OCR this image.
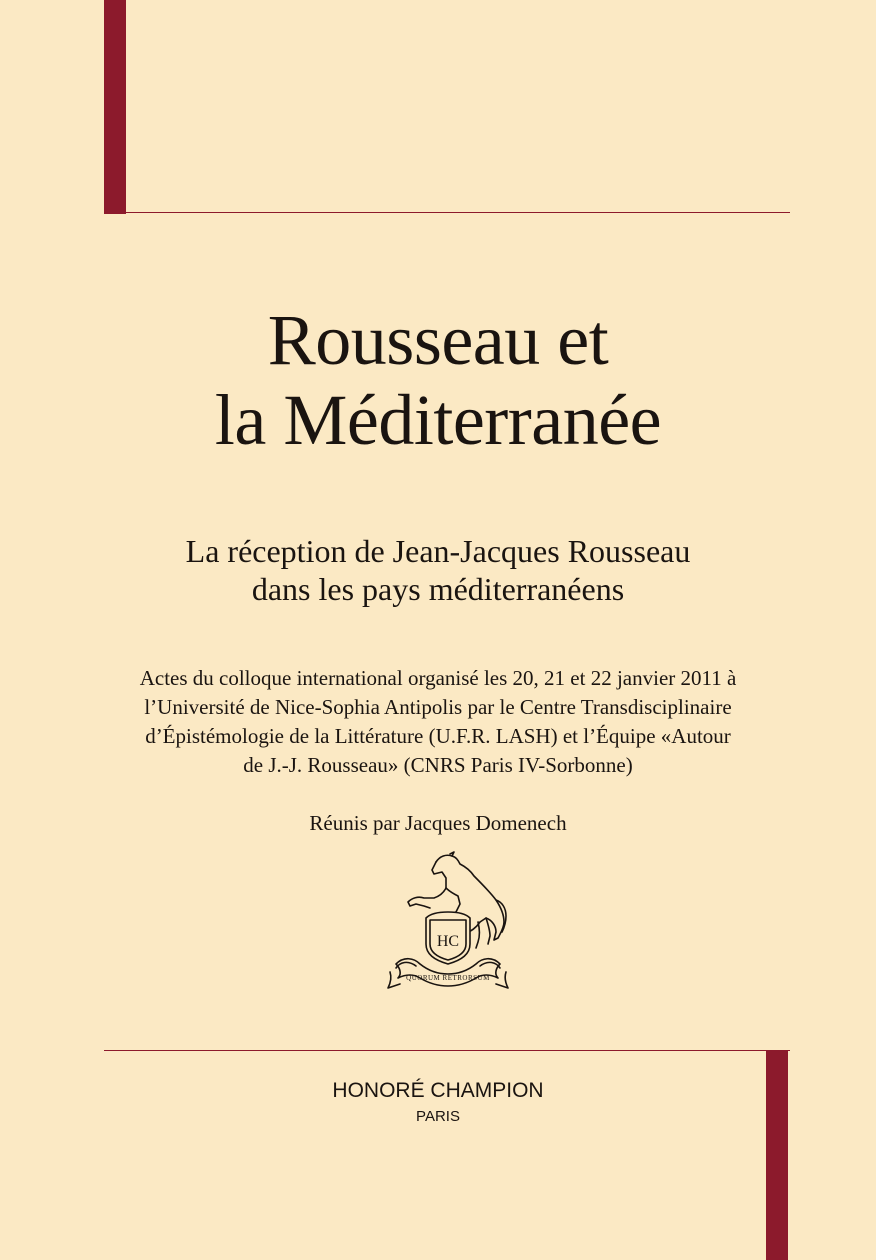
Rousseau et
la Méditerranée
La réception de Jean-Jacques Rousseau
dans les pays méditerranéens
Actes du colloque international organisé les 20, 21 et 22 janvier 2011 à
l’Université de Nice-Sophia Antipolis par le Centre Transdisciplinaire
d’Épistémologie de la Littérature (U.F.R. LASH) et l’Équipe «Autour
de J.-J. Rousseau» (CNRS Paris IV-Sorbonne)
Réunis par Jacques Domenech
HC
QUORUM RETRORSUM
HONORÉ CHAMPION
PARIS
